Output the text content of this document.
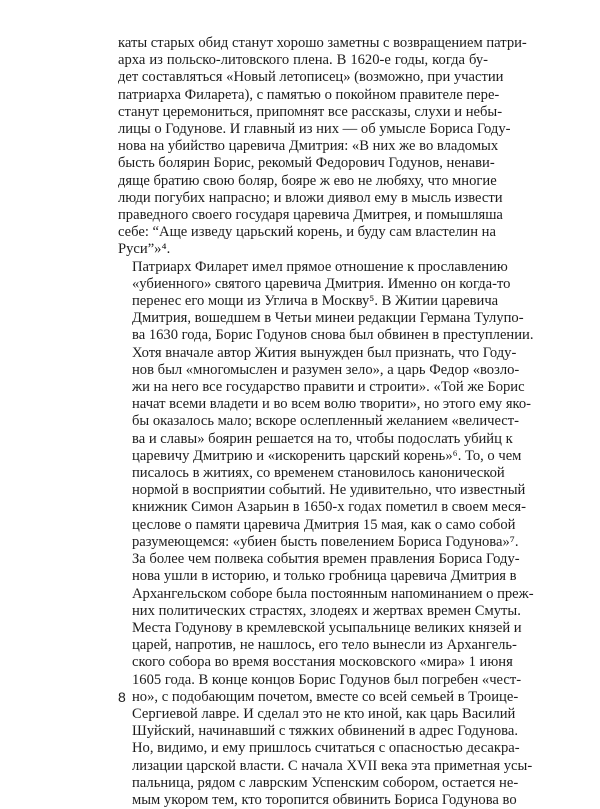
каты старых обид станут хорошо заметны с возвращением патри-
арха из польско-литовского плена. В 1620-е годы, когда бу-
дет составляться «Новый летописец» (возможно, при участии
патриарха Филарета), с памятью о покойном правителе пере-
станут церемониться, припомнят все рассказы, слухи и небы-
лицы о Годунове. И главный из них — об умысле Бориса Году-
нова на убийство царевича Дмитрия: «В них же во владомых
бысть болярин Борис, рекомый Федорович Годунов, ненави-
дяще братию свою боляр, бояре ж ево не любяху, что многие
люди погубих напрасно; и вложи диявол ему в мысль извести
праведного своего государя царевича Дмитрея, и помышляша
себе: “Аще изведу царьский корень, и буду сам властелин на
Руси”»⁴.

Патриарх Филарет имел прямое отношение к прославлению
«убиенного» святого царевича Дмитрия. Именно он когда-то
перенес его мощи из Углича в Москву⁵. В Житии царевича
Дмитрия, вошедшем в Четьи минеи редакции Германа Тулупо-
ва 1630 года, Борис Годунов снова был обвинен в преступлении.
Хотя вначале автор Жития вынужден был признать, что Году-
нов был «многомыслен и разумен зело», а царь Федор «возло-
жи на него все государство правити и строити». «Той же Борис
начат всеми владети и во всем волю творити», но этого ему яко-
бы оказалось мало; вскоре ослепленный желанием «величест-
ва и славы» боярин решается на то, чтобы подослать убийц к
царевичу Дмитрию и «искоренить царский корень»⁶. То, о чем
писалось в житиях, со временем становилось канонической
нормой в восприятии событий. Не удивительно, что известный
книжник Симон Азарьин в 1650-х годах пометил в своем меся-
цеслове о памяти царевича Дмитрия 15 мая, как о само собой
разумеющемся: «убиен бысть повелением Бориса Годунова»⁷.
За более чем полвека события времен правления Бориса Году-
нова ушли в историю, и только гробница царевича Дмитрия в
Архангельском соборе была постоянным напоминанием о преж-
них политических страстях, злодеях и жертвах времен Смуты.
Места Годунову в кремлевской усыпальнице великих князей и
царей, напротив, не нашлось, его тело вынесли из Архангель-
ского собора во время восстания московского «мира» 1 июня
1605 года. В конце концов Борис Годунов был погребен «чест-
но», с подобающим почетом, вместе со всей семьей в Троице-
Сергиевой лавре. И сделал это не кто иной, как царь Василий
Шуйский, начинавший с тяжких обвинений в адрес Годунова.
Но, видимо, и ему пришлось считаться с опасностью десакра-
лизации царской власти. С начала XVII века эта приметная усы-
пальница, рядом с лаврским Успенским собором, остается не-
мым укором тем, кто торопится обвинить Бориса Годунова во

8
